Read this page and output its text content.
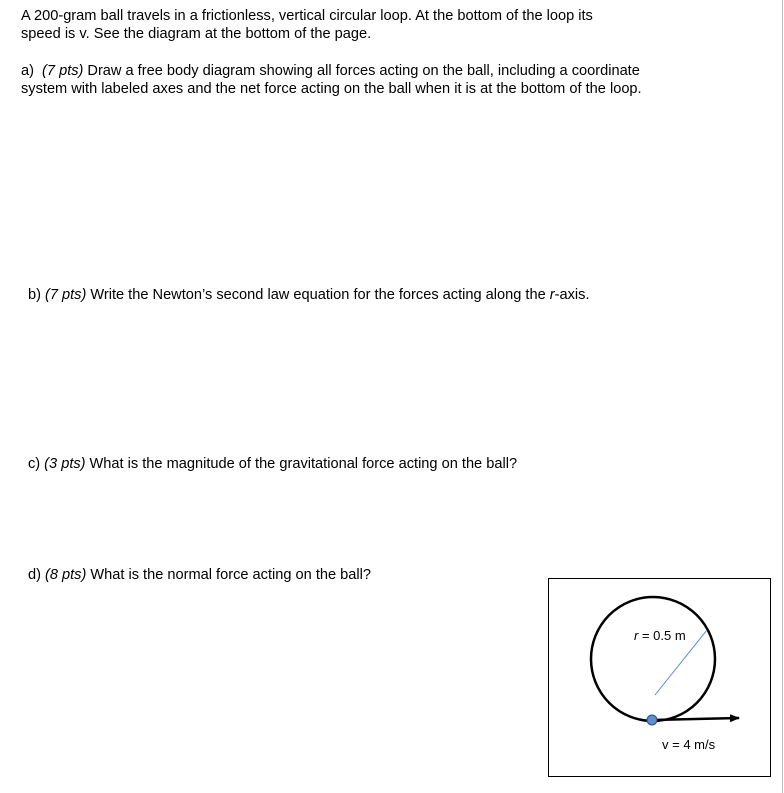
A 200-gram ball travels in a frictionless, vertical circular loop. At the bottom of the loop its
speed is v. See the diagram at the bottom of the page.
a) (7 pts) Draw a free body diagram showing all forces acting on the ball, including a coordinate
system with labeled axes and the net force acting on the ball when it is at the bottom of the loop.
b) (7 pts) Write the Newton’s second law equation for the forces acting along the r-axis.
c) (3 pts) What is the magnitude of the gravitational force acting on the ball?
d) (8 pts) What is the normal force acting on the ball?
r = 0.5 m
v = 4 m/s
